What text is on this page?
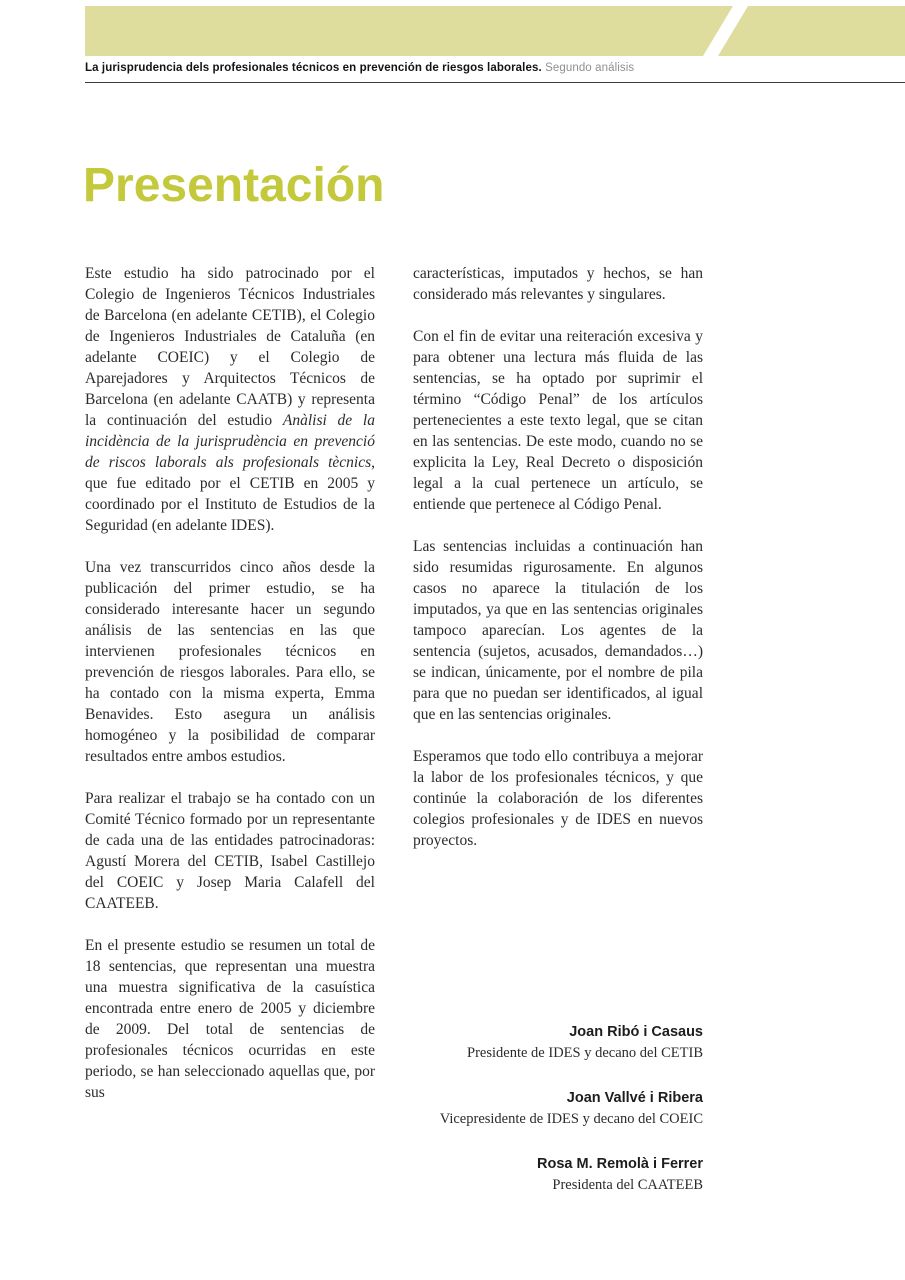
La jurisprudencia dels profesionales técnicos en prevención de riesgos laborales. Segundo análisis
Presentación

Este estudio ha sido patrocinado por el Colegio de Ingenieros Técnicos Industriales de Barcelona (en adelante CETIB), el Colegio de Ingenieros Industriales de Cataluña (en adelante COEIC) y el Colegio de Aparejadores y Arquitectos Técnicos de Barcelona (en adelante CAATB) y representa la continuación del estudio Anàlisi de la incidència de la jurisprudència en prevenció de riscos laborals als profesionals tècnics, que fue editado por el CETIB en 2005 y coordinado por el Instituto de Estudios de la Seguridad (en adelante IDES).

Una vez transcurridos cinco años desde la publicación del primer estudio, se ha considerado interesante hacer un segundo análisis de las sentencias en las que intervienen profesionales técnicos en prevención de riesgos laborales. Para ello, se ha contado con la misma experta, Emma Benavides. Esto asegura un análisis homogéneo y la posibilidad de comparar resultados entre ambos estudios.

Para realizar el trabajo se ha contado con un Comité Técnico formado por un representante de cada una de las entidades patrocinadoras: Agustí Morera del CETIB, Isabel Castillejo del COEIC y Josep Maria Calafell del CAATEEB.

En el presente estudio se resumen un total de 18 sentencias, que representan una muestra una muestra significativa de la casuística encontrada entre enero de 2005 y diciembre de 2009. Del total de sentencias de profesionales técnicos ocurridas en este periodo, se han seleccionado aquellas que, por sus

características, imputados y hechos, se han considerado más relevantes y singulares.

Con el fin de evitar una reiteración excesiva y para obtener una lectura más fluida de las sentencias, se ha optado por suprimir el término “Código Penal” de los artículos pertenecientes a este texto legal, que se citan en las sentencias. De este modo, cuando no se explicita la Ley, Real Decreto o disposición legal a la cual pertenece un artículo, se entiende que pertenece al Código Penal.

Las sentencias incluidas a continuación han sido resumidas rigurosamente. En algunos casos no aparece la titulación de los imputados, ya que en las sentencias originales tampoco aparecían. Los agentes de la sentencia (sujetos, acusados, demandados…) se indican, únicamente, por el nombre de pila para que no puedan ser identificados, al igual que en las sentencias originales.

Esperamos que todo ello contribuya a mejorar la labor de los profesionales técnicos, y que continúe la colaboración de los diferentes colegios profesionales y de IDES en nuevos proyectos.

Joan Ribó i Casaus
Presidente de IDES y decano del CETIB
Joan Vallvé i Ribera
Vicepresidente de IDES y decano del COEIC
Rosa M. Remolà i Ferrer
Presidenta del CAATEEB
